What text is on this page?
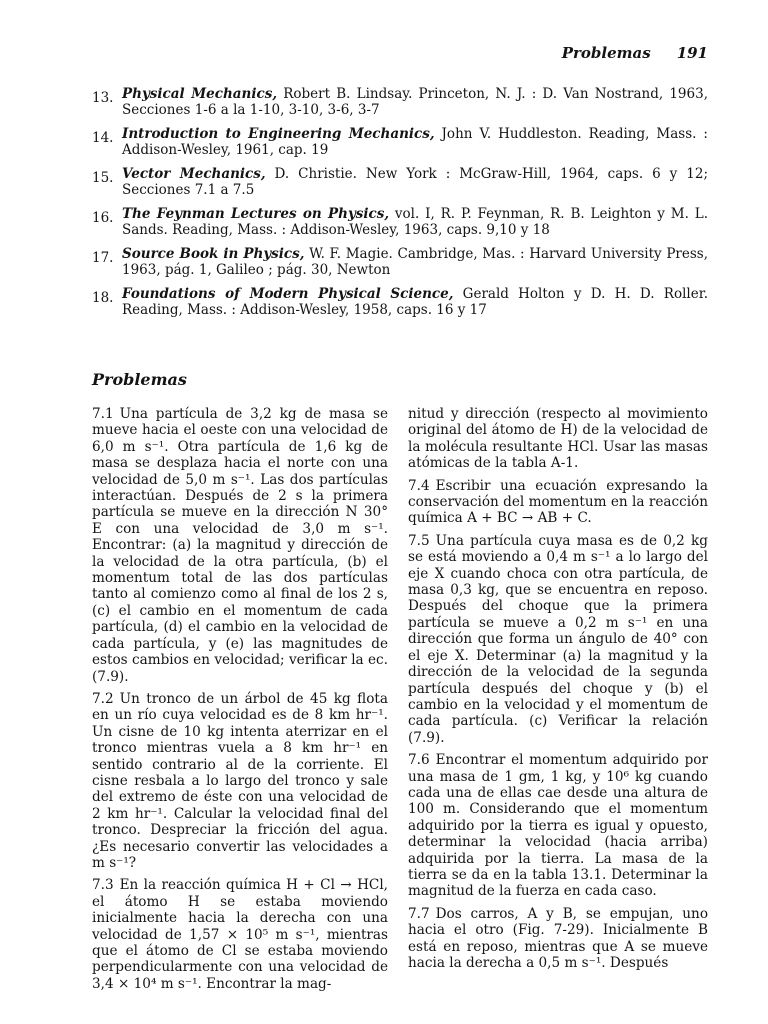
Problemas 191
13. Physical Mechanics, Robert B. Lindsay. Princeton, N. J. : D. Van Nostrand, 1963, Secciones 1-6 a la 1-10, 3-10, 3-6, 3-7
14. Introduction to Engineering Mechanics, John V. Huddleston. Reading, Mass. : Addison-Wesley, 1961, cap. 19
15. Vector Mechanics, D. Christie. New York : McGraw-Hill, 1964, caps. 6 y 12; Secciones 7.1 a 7.5
16. The Feynman Lectures on Physics, vol. I, R. P. Feynman, R. B. Leighton y M. L. Sands. Reading, Mass. : Addison-Wesley, 1963, caps. 9,10 y 18
17. Source Book in Physics, W. F. Magie. Cambridge, Mas. : Harvard University Press, 1963, pág. 1, Galileo ; pág. 30, Newton
18. Foundations of Modern Physical Science, Gerald Holton y D. H. D. Roller. Reading, Mass. : Addison-Wesley, 1958, caps. 16 y 17
Problemas

7.1 Una partícula de 3,2 kg de masa se mueve hacia el oeste con una velocidad de 6,0 m s⁻¹. Otra partícula de 1,6 kg de masa se desplaza hacia el norte con una velocidad de 5,0 m s⁻¹. Las dos partículas interactúan. Después de 2 s la primera partícula se mueve en la dirección N 30° E con una velocidad de 3,0 m s⁻¹. Encontrar: (a) la magnitud y dirección de la velocidad de la otra partícula, (b) el momentum total de las dos partículas tanto al comienzo como al final de los 2 s, (c) el cambio en el momentum de cada partícula, (d) el cambio en la velocidad de cada partícula, y (e) las magnitudes de estos cambios en velocidad; verificar la ec. (7.9).

7.2 Un tronco de un árbol de 45 kg flota en un río cuya velocidad es de 8 km hr⁻¹. Un cisne de 10 kg intenta aterrizar en el tronco mientras vuela a 8 km hr⁻¹ en sentido contrario al de la corriente. El cisne resbala a lo largo del tronco y sale del extremo de éste con una velocidad de 2 km hr⁻¹. Calcular la velocidad final del tronco. Despreciar la fricción del agua. ¿Es necesario convertir las velocidades a m s⁻¹?

7.3 En la reacción química H + Cl → HCl, el átomo H se estaba moviendo inicialmente hacia la derecha con una velocidad de 1,57 × 10⁵ m s⁻¹, mientras que el átomo de Cl se estaba moviendo perpendicularmente con una velocidad de 3,4 × 10⁴ m s⁻¹. Encontrar la mag-

nitud y dirección (respecto al movimiento original del átomo de H) de la velocidad de la molécula resultante HCl. Usar las masas atómicas de la tabla A-1.

7.4 Escribir una ecuación expresando la conservación del momentum en la reacción química A + BC → AB + C.

7.5 Una partícula cuya masa es de 0,2 kg se está moviendo a 0,4 m s⁻¹ a lo largo del eje X cuando choca con otra partícula, de masa 0,3 kg, que se encuentra en reposo. Después del choque que la primera partícula se mueve a 0,2 m s⁻¹ en una dirección que forma un ángulo de 40° con el eje X. Determinar (a) la magnitud y la dirección de la velocidad de la segunda partícula después del choque y (b) el cambio en la velocidad y el momentum de cada partícula. (c) Verificar la relación (7.9).

7.6 Encontrar el momentum adquirido por una masa de 1 gm, 1 kg, y 10⁶ kg cuando cada una de ellas cae desde una altura de 100 m. Considerando que el momentum adquirido por la tierra es igual y opuesto, determinar la velocidad (hacia arriba) adquirida por la tierra. La masa de la tierra se da en la tabla 13.1. Determinar la magnitud de la fuerza en cada caso.

7.7 Dos carros, A y B, se empujan, uno hacia el otro (Fig. 7-29). Inicialmente B está en reposo, mientras que A se mueve hacia la derecha a 0,5 m s⁻¹. Después
